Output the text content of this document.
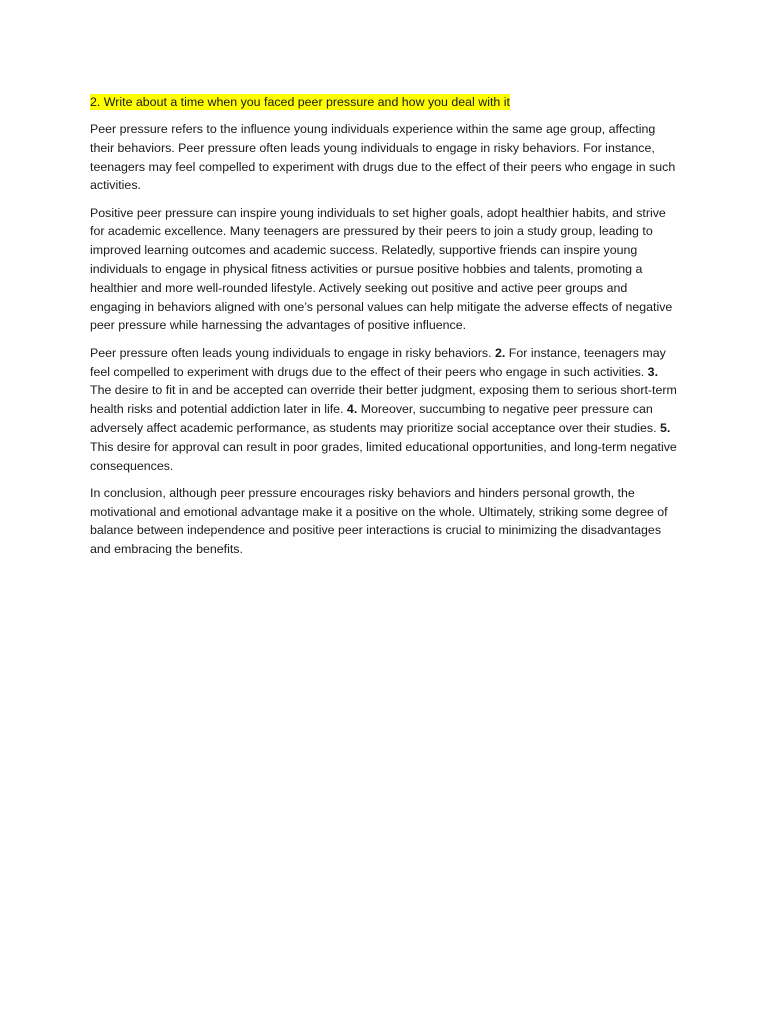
2. Write about a time when you faced peer pressure and how you deal with it

Peer pressure refers to the influence young individuals experience within the same age group, affecting their behaviors. Peer pressure often leads young individuals to engage in risky behaviors. For instance, teenagers may feel compelled to experiment with drugs due to the effect of their peers who engage in such activities.

Positive peer pressure can inspire young individuals to set higher goals, adopt healthier habits, and strive for academic excellence. Many teenagers are pressured by their peers to join a study group, leading to improved learning outcomes and academic success. Relatedly, supportive friends can inspire young individuals to engage in physical fitness activities or pursue positive hobbies and talents, promoting a healthier and more well-rounded lifestyle. Actively seeking out positive and active peer groups and engaging in behaviors aligned with one’s personal values can help mitigate the adverse effects of negative peer pressure while harnessing the advantages of positive influence.

Peer pressure often leads young individuals to engage in risky behaviors. 2. For instance, teenagers may feel compelled to experiment with drugs due to the effect of their peers who engage in such activities. 3. The desire to fit in and be accepted can override their better judgment, exposing them to serious short-term health risks and potential addiction later in life. 4. Moreover, succumbing to negative peer pressure can adversely affect academic performance, as students may prioritize social acceptance over their studies. 5. This desire for approval can result in poor grades, limited educational opportunities, and long-term negative consequences.

In conclusion, although peer pressure encourages risky behaviors and hinders personal growth, the motivational and emotional advantage make it a positive on the whole. Ultimately, striking some degree of balance between independence and positive peer interactions is crucial to minimizing the disadvantages and embracing the benefits.
